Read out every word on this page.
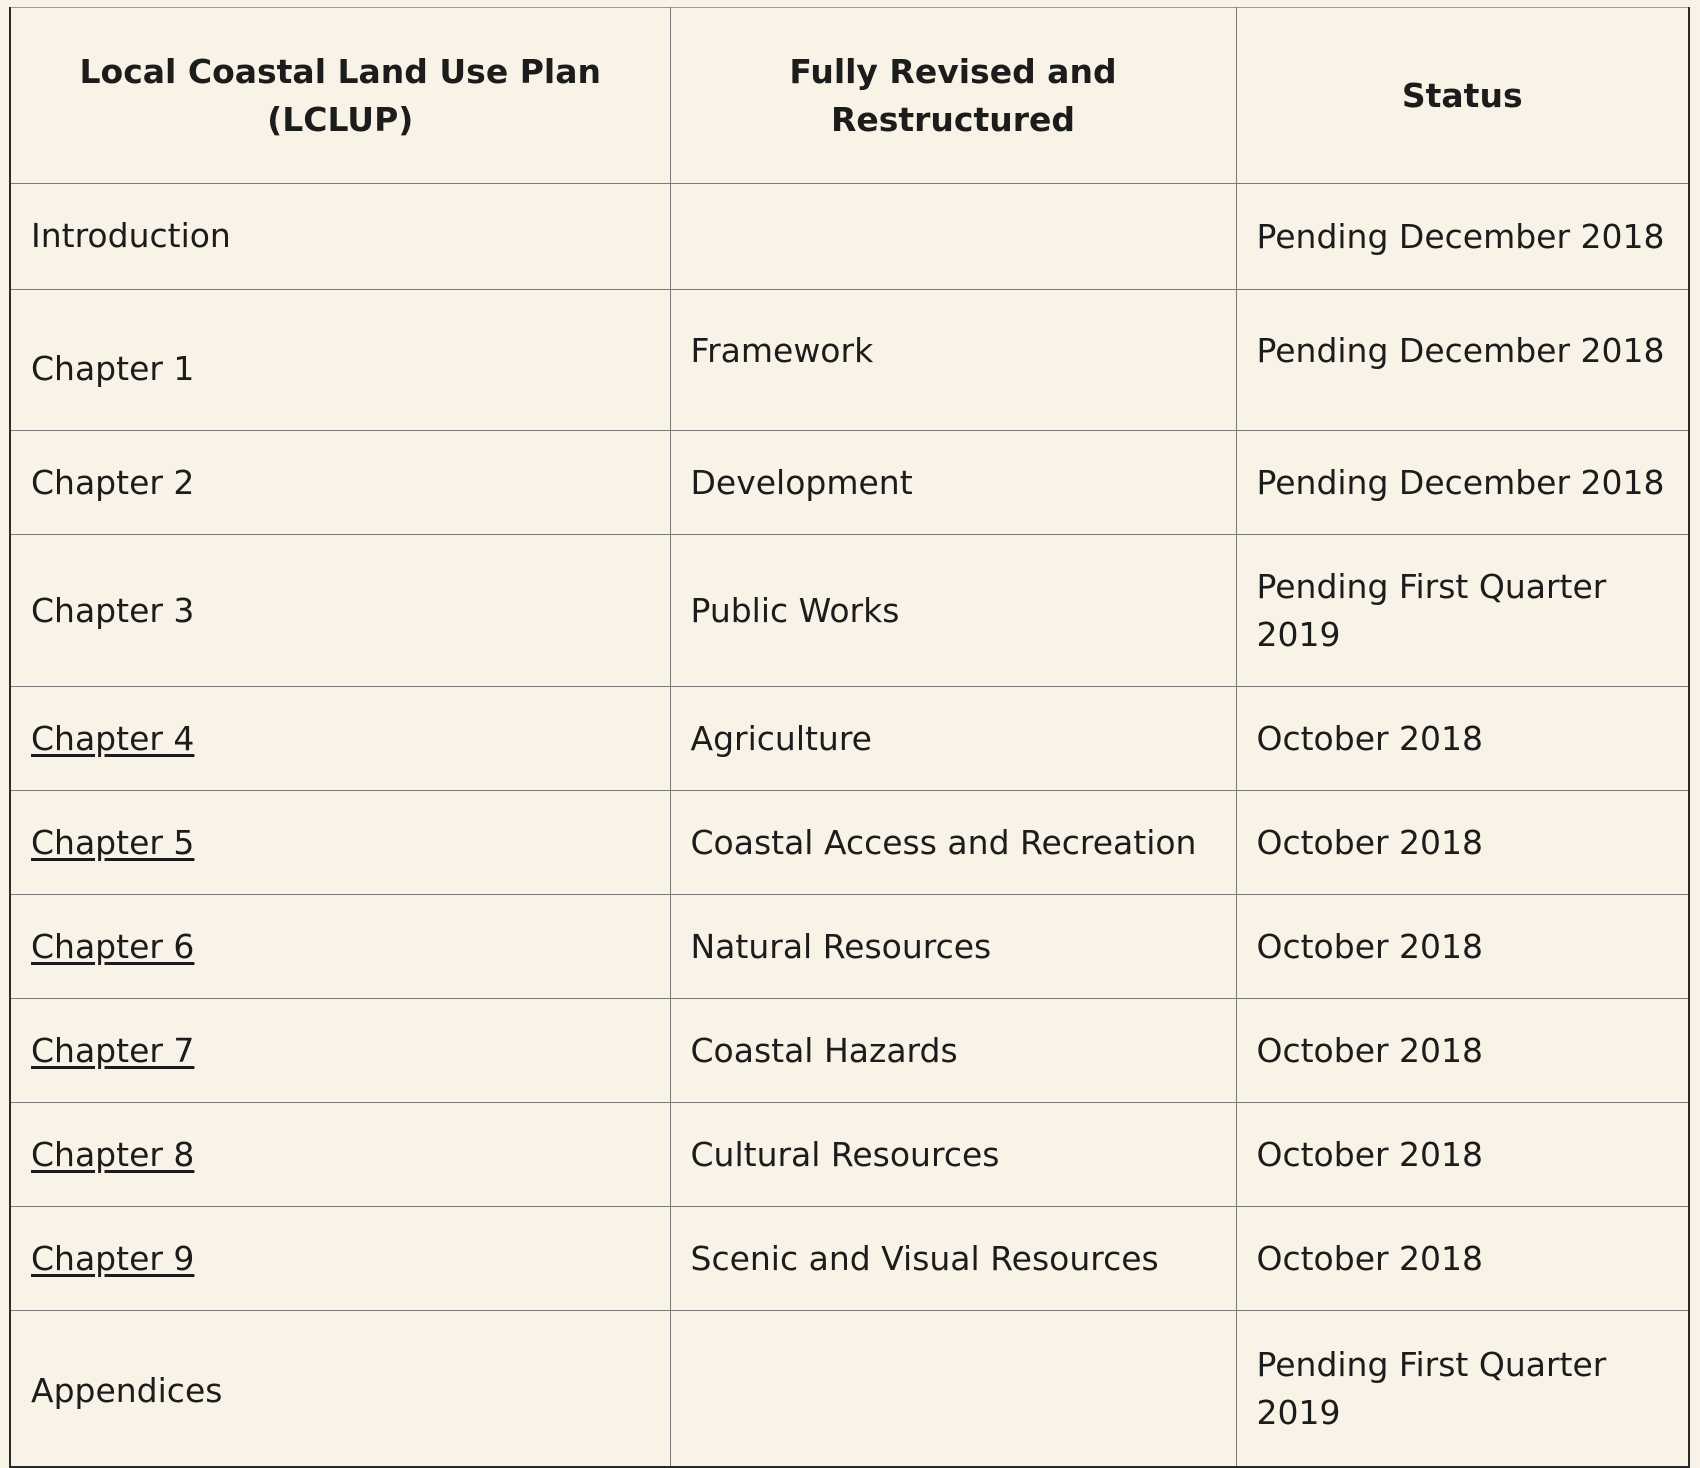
Local Coastal Land Use Plan (LCLUP)	Fully Revised and Restructured	Status
Introduction		Pending December 2018
Chapter 1	Framework	Pending December 2018
Chapter 2	Development	Pending December 2018
Chapter 3	Public Works	Pending First Quarter 2019
Chapter 4	Agriculture	October 2018
Chapter 5	Coastal Access and Recreation	October 2018
Chapter 6	Natural Resources	October 2018
Chapter 7	Coastal Hazards	October 2018
Chapter 8	Cultural Resources	October 2018
Chapter 9	Scenic and Visual Resources	October 2018
Appendices		Pending First Quarter 2019
